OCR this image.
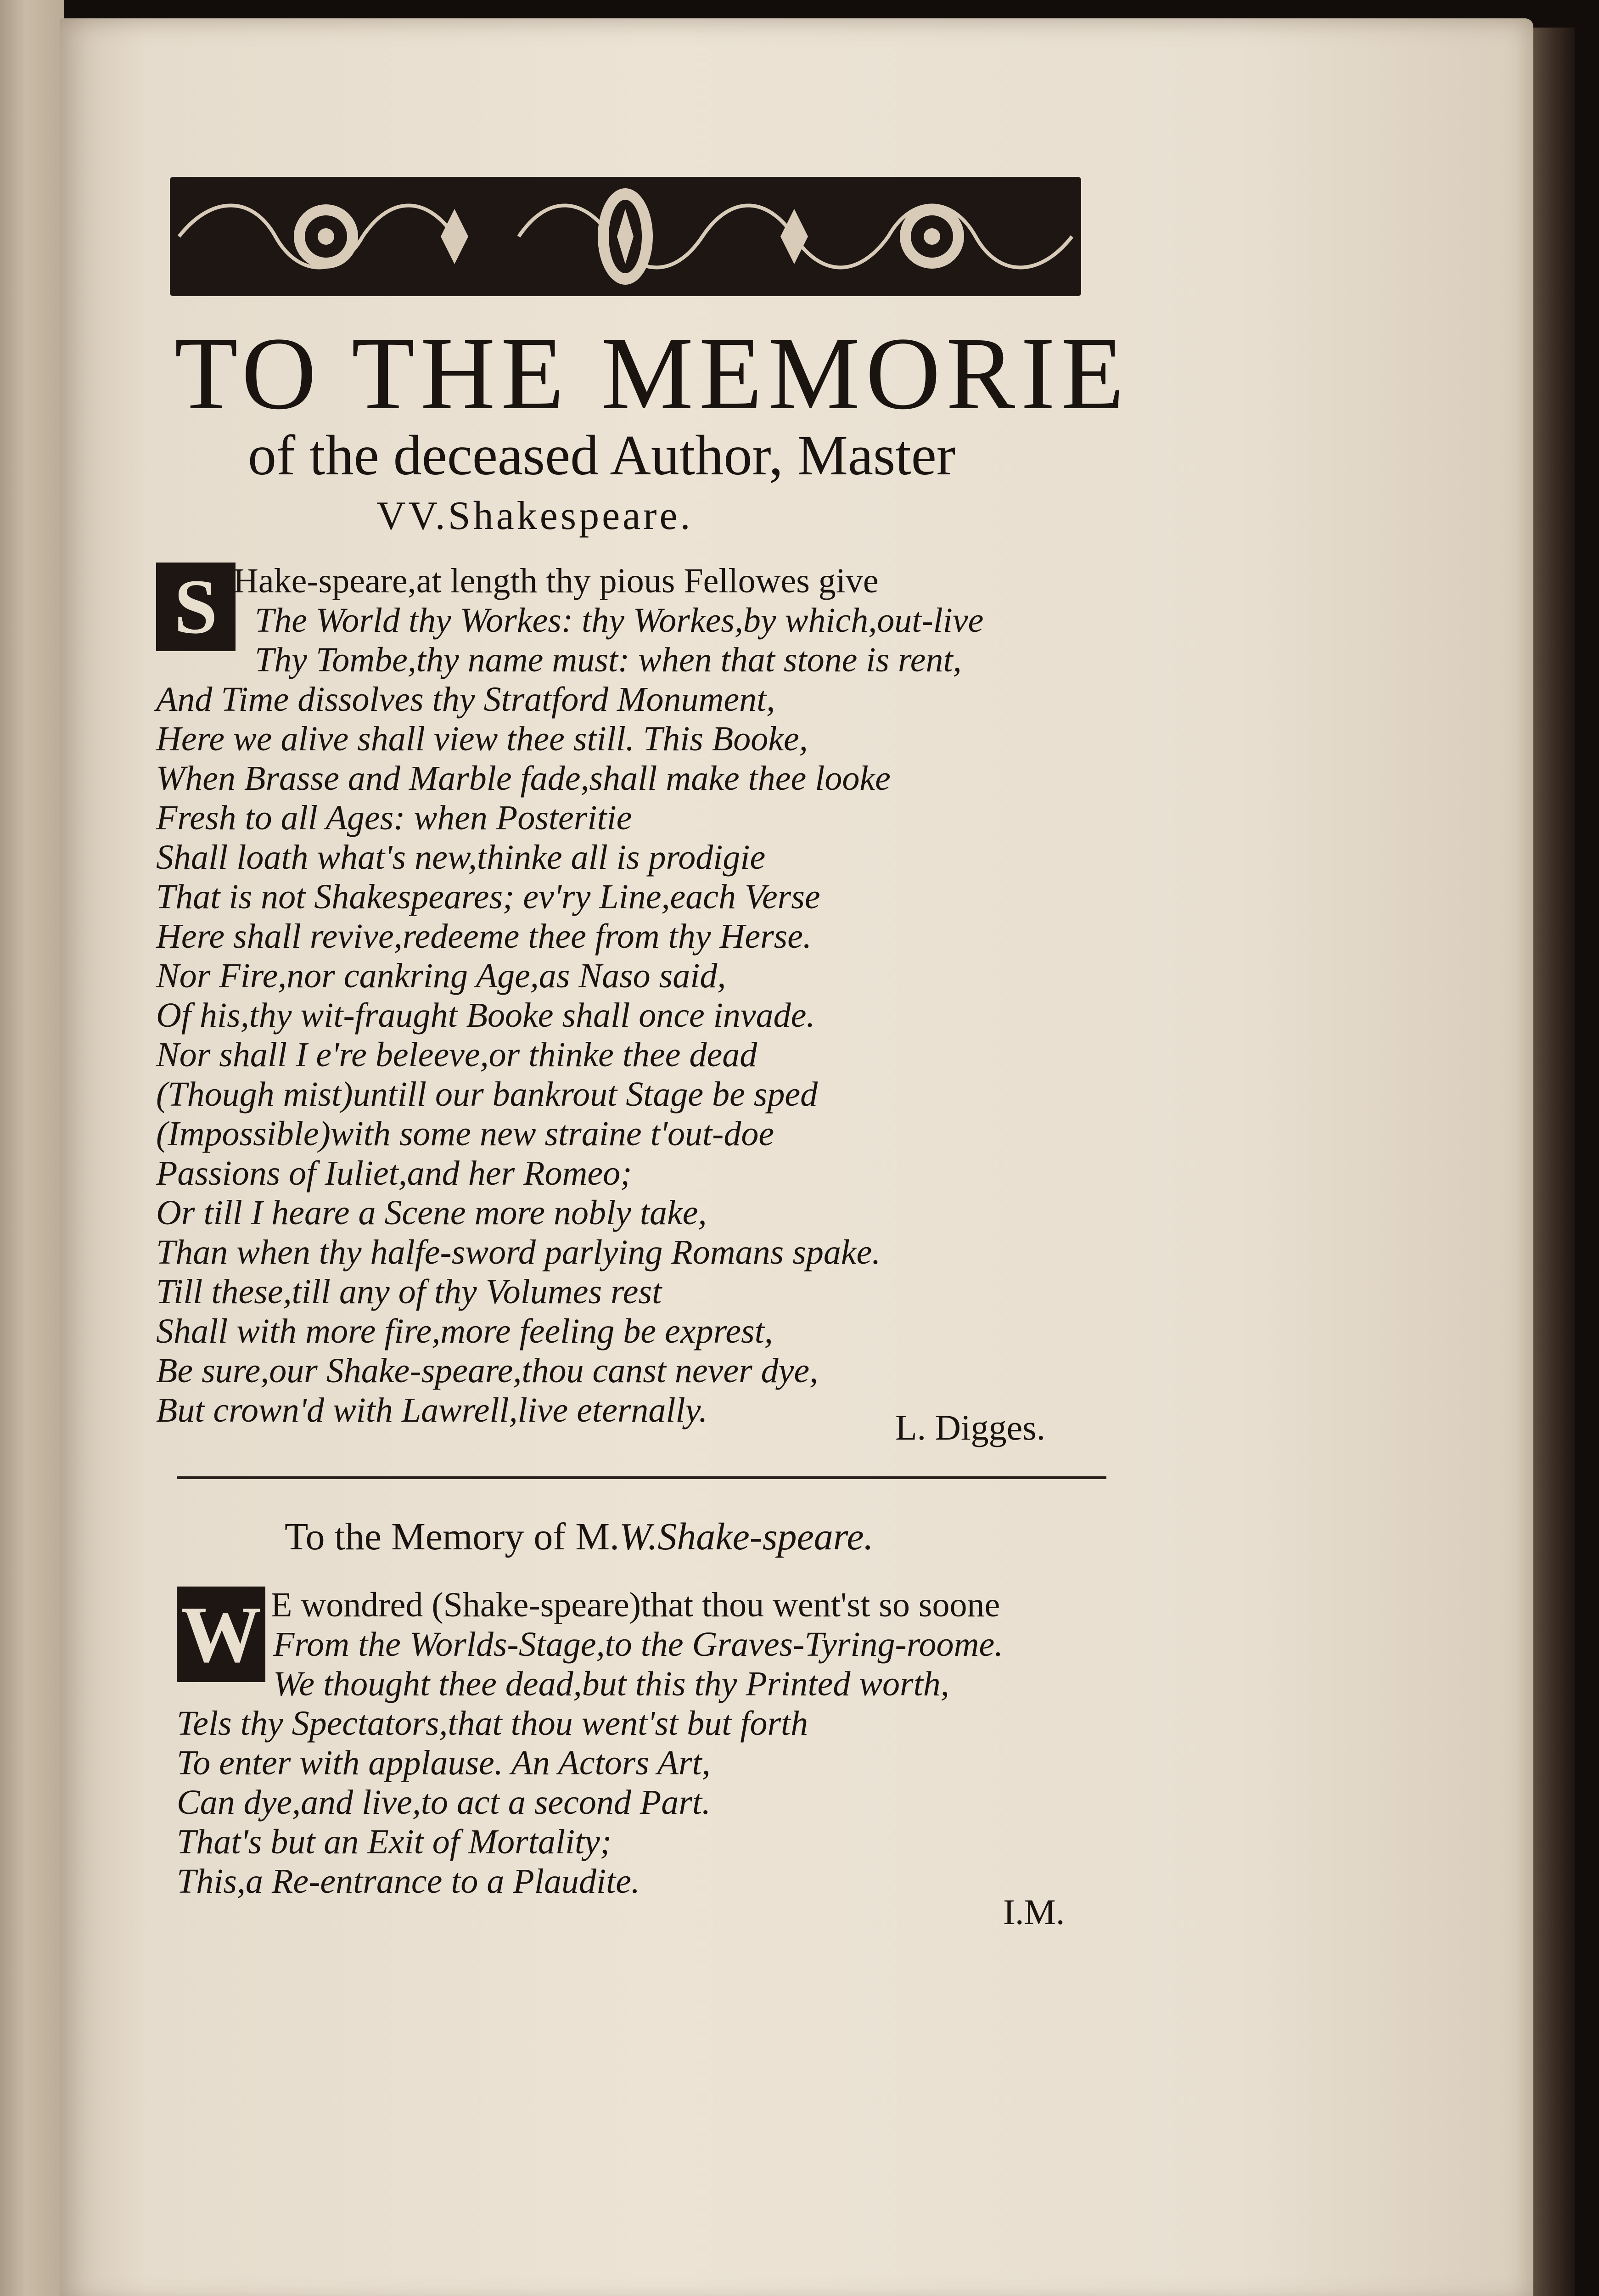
TO THE MEMORIE
of the deceased Author, Master
VV.Shakespeare.
S Hake-speare,at length thy pious Fellowes give
The World thy Workes: thy Workes,by which,out-live
Thy Tombe,thy name must: when that stone is rent,
And Time dissolves thy Stratford Monument,
Here we alive shall view thee still. This Booke,
When Brasse and Marble fade,shall make thee looke
Fresh to all Ages: when Posteritie
Shall loath what's new,thinke all is prodigie
That is not Shakespeares; ev'ry Line,each Verse
Here shall revive,redeeme thee from thy Herse.
Nor Fire,nor cankring Age,as Naso said,
Of his,thy wit-fraught Booke shall once invade.
Nor shall I e're beleeve,or thinke thee dead
(Though mist)untill our bankrout Stage be sped
(Impossible)with some new straine t'out-doe
Passions of Iuliet,and her Romeo;
Or till I heare a Scene more nobly take,
Than when thy halfe-sword parlying Romans spake.
Till these,till any of thy Volumes rest
Shall with more fire,more feeling be exprest,
Be sure,our Shake-speare,thou canst never dye,
But crown'd with Lawrell,live eternally.	L. Digges.
To the Memory of M.W.Shake-speare.
W E wondred (Shake-speare)that thou went'st so soone
From the Worlds-Stage,to the Graves-Tyring-roome.
We thought thee dead,but this thy Printed worth,
Tels thy Spectators,that thou went'st but forth
To enter with applause. An Actors Art,
Can dye,and live,to act a second Part.
That's but an Exit of Mortality;
This,a Re-entrance to a Plaudite.
I.M.
